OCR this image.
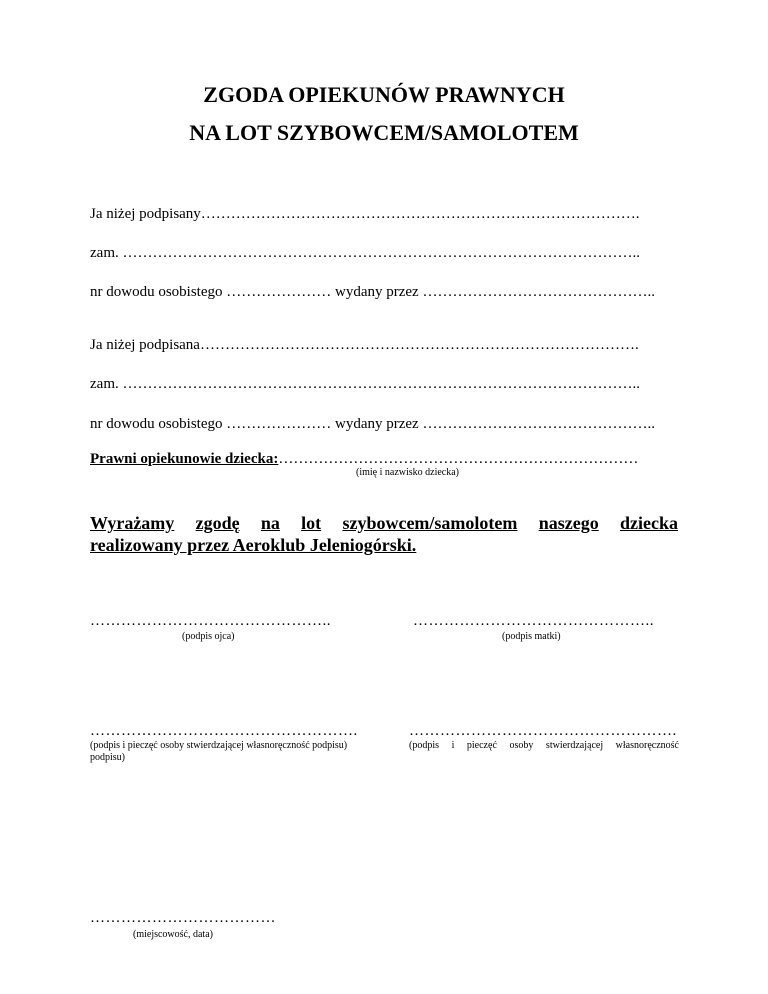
ZGODA OPIEKUNÓW PRAWNYCH
NA LOT SZYBOWCEM/SAMOLOTEM
Ja niżej podpisany…………………………………………………………………………….
zam. …………………………………………………………………………………………..
nr dowodu osobistego ………………… wydany przez ………………………………………..
Ja niżej podpisana…………………………………………………………………………….
zam. …………………………………………………………………………………………..
nr dowodu osobistego ………………… wydany przez ………………………………………..
Prawni opiekunowie dziecka:………………………………………………………………
(imię i nazwisko dziecka)
Wyrażamy zgodę na lot szybowcem/samolotem naszego dziecka
realizowany przez Aeroklub Jeleniogórski.
………………………………………..
(podpis ojca)
………………………………………..
(podpis matki)
…………………………………………….
(podpis i pieczęć osoby stwierdzającej własnoręczność podpisu)
podpisu)
…………………………………………….
(podpis i pieczęć osoby stwierdzającej własnoręczność
………………………………
(miejscowość, data)
